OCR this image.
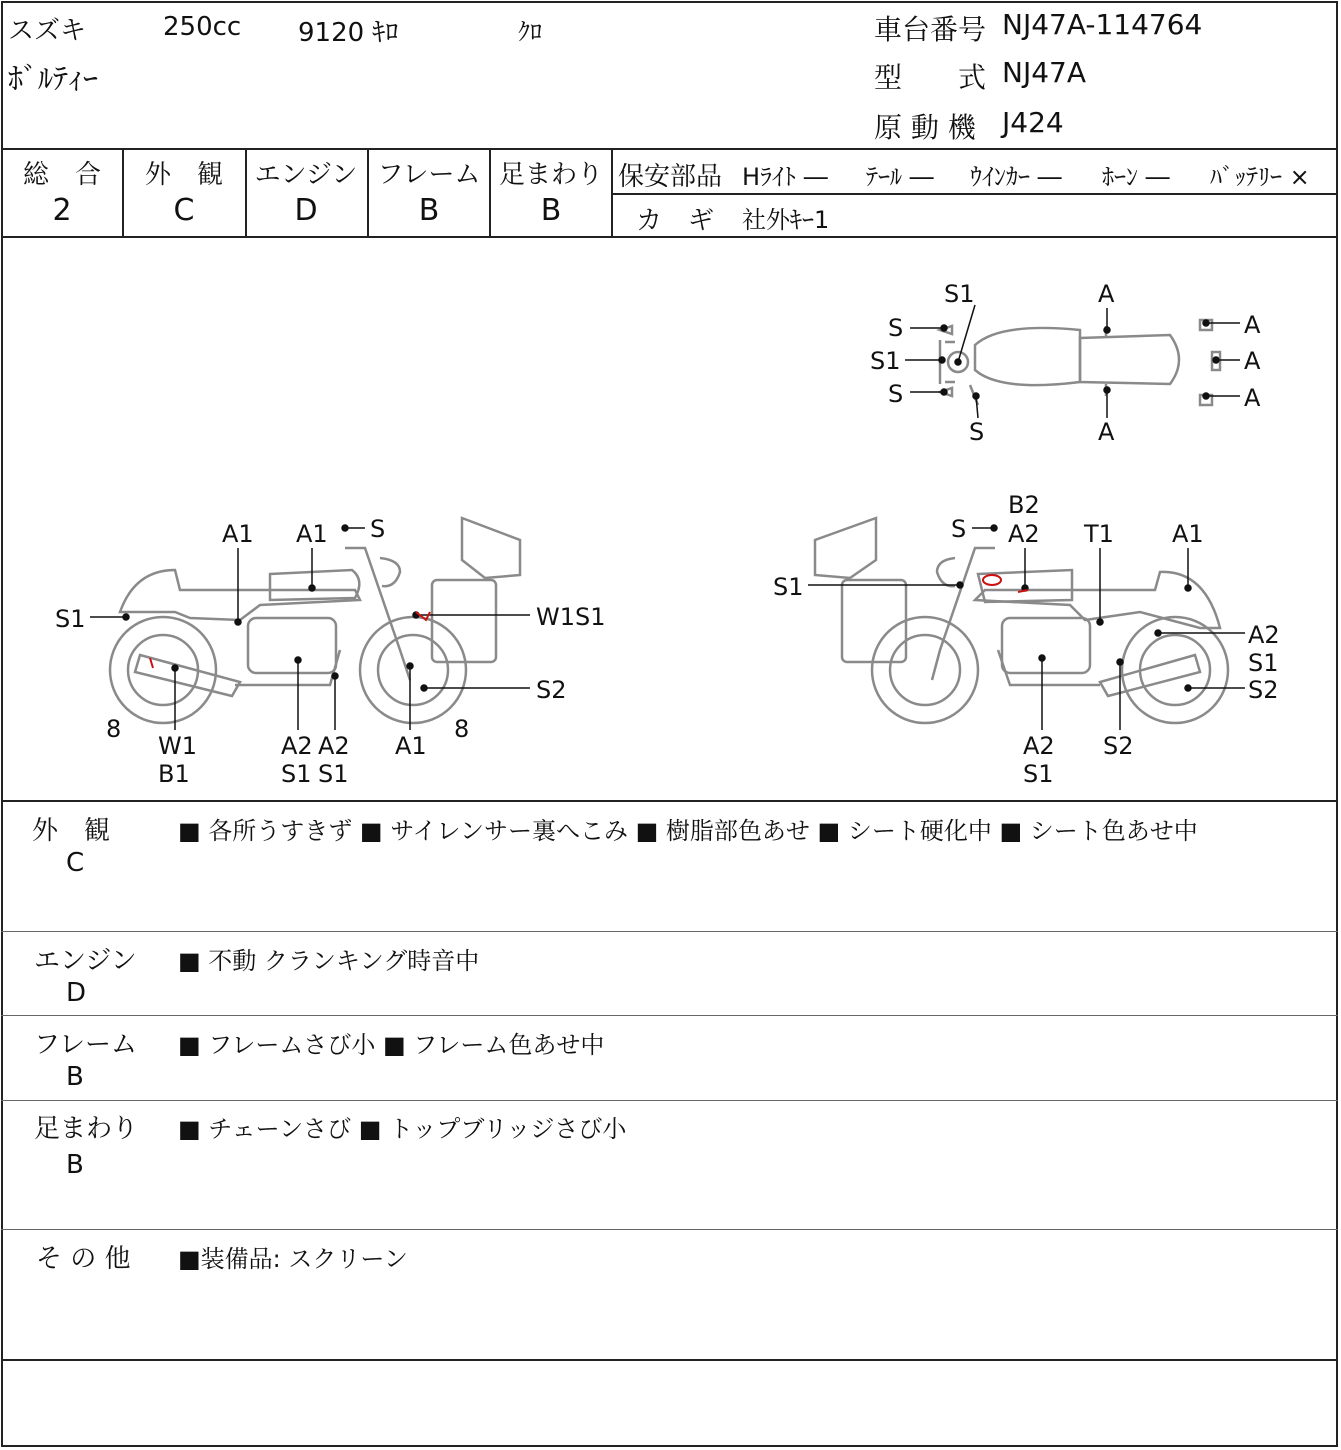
スズキ	250cc 9120 ｷﾛ	ｸﾛ
ﾎﾞﾙﾃｨｰ
車台番号 NJ47A-114764
型　　式 NJ47A
原 動 機 J424
総　合
2
外　観
C
エンジン
D
フレーム
B
足まわり
B
保安部品 Hﾗｲﾄ ― ﾃｰﾙ ― ｳｲﾝｶｰ ― ﾎｰﾝ ― ﾊﾞｯﾃﾘｰ ×
カ　ギ 社外ｷｰ1
S1
S
S1
S
S
A
A
A
A
A
A1 A1 S
S1	W1S1
S2
8
W1
B1
A2
S1
A2
S1
A1
8
B2
A2
S	T1 A1
S1
A2
S1
S2
A2
S1
S2
外　観
C
■ 各所うすきず ■ サイレンサー裏へこみ ■ 樹脂部色あせ ■ シート硬化中 ■ シート色あせ中
エンジン
D
■ 不動 クランキング時音中
フレーム
B
■ フレームさび小 ■ フレーム色あせ中
足まわり
B
■ チェーンさび ■ トップブリッジさび小
そ の 他 ■装備品: スクリーン
